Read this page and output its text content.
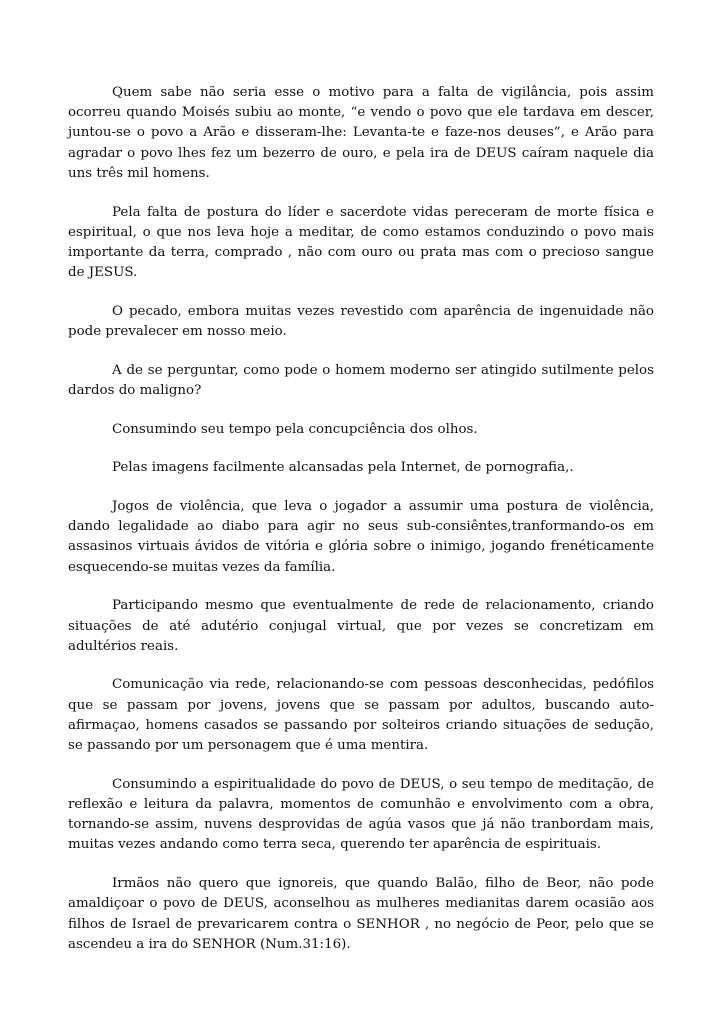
Quem sabe não seria esse o motivo para a falta de vigilância, pois assim ocorreu quando Moisés subiu ao monte, “e vendo o povo que ele tardava em descer, juntou-se o povo a Arão e disseram-lhe: Levanta-te e faze-nos deuses”, e Arão para agradar o povo lhes fez um bezerro de ouro, e pela ira de DEUS caíram naquele dia uns três mil homens.

Pela falta de postura do líder e sacerdote vidas pereceram de morte física e espiritual, o que nos leva hoje a meditar, de como estamos conduzindo o povo mais importante da terra, comprado , não com ouro ou prata mas com o precioso sangue de JESUS.

O pecado, embora muitas vezes revestido com aparência de ingenuidade não pode prevalecer em nosso meio.

A de se perguntar, como pode o homem moderno ser atingido sutilmente pelos dardos do maligno?

Consumindo seu tempo pela concupciência dos olhos.

Pelas imagens facilmente alcansadas pela Internet, de pornografia,.

Jogos de violência, que leva o jogador a assumir uma postura de violência, dando legalidade ao diabo para agir no seus sub-consiêntes,tranformando-os em assasinos virtuais ávidos de vitória e glória sobre o inimigo, jogando frenéticamente esquecendo-se muitas vezes da família.

Participando mesmo que eventualmente de rede de relacionamento, criando situações de até adutério conjugal virtual, que por vezes se concretizam em adultérios reais.

Comunicação via rede, relacionando-se com pessoas desconhecidas, pedófilos que se passam por jovens, jovens que se passam por adultos, buscando auto-afirmaçao, homens casados se passando por solteiros criando situações de sedução, se passando por um personagem que é uma mentira.

Consumindo a espiritualidade do povo de DEUS, o seu tempo de meditação, de reflexão e leitura da palavra, momentos de comunhão e envolvimento com a obra, tornando-se assim, nuvens desprovidas de agúa vasos que já não tranbordam mais, muitas vezes andando como terra seca, querendo ter aparência de espirituais.

Irmãos não quero que ignoreis, que quando Balão, filho de Beor, não pode amaldiçoar o povo de DEUS, aconselhou as mulheres medianitas darem ocasião aos filhos de Israel de prevaricarem contra o SENHOR , no negócio de Peor, pelo que se ascendeu a ira do SENHOR (Num.31:16).
